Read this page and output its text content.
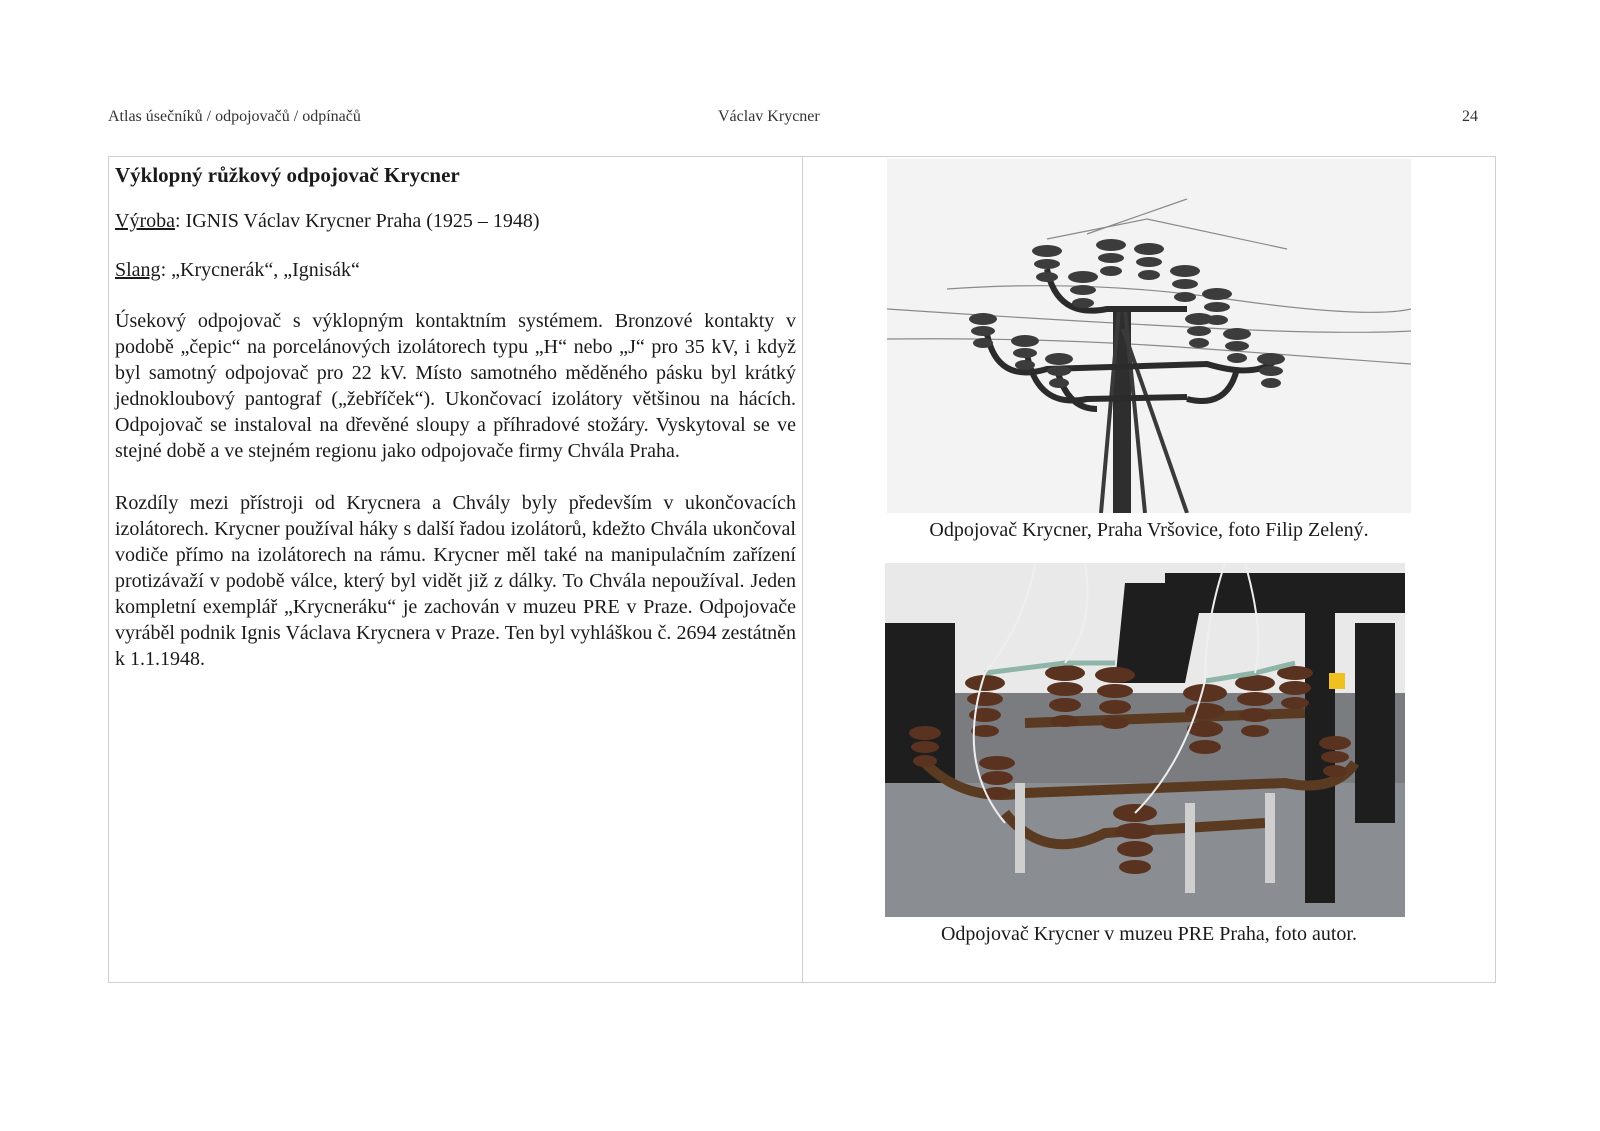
Atlas úsečníků / odpojovačů / odpínačů	Václav Krycner	24
Výklopný růžkový odpojovač Krycner
Výroba: IGNIS Václav Krycner Praha (1925 – 1948)
Slang: „Krycnerák“, „Ignisák“

Úsekový odpojovač s výklopným kontaktním systémem. Bronzové kontakty v podobě „čepic“ na porcelánových izolátorech typu „H“ nebo „J“ pro 35 kV, i když byl samotný odpojovač pro 22 kV. Místo samotného měděného pásku byl krátký jednokloubový pantograf („žebříček“). Ukončovací izolátory většinou na hácích. Odpojovač se instaloval na dřevěné sloupy a příhradové stožáry. Vyskytoval se ve stejné době a ve stejném regionu jako odpojovače firmy Chvála Praha.

Rozdíly mezi přístroji od Krycnera a Chvály byly především v ukončovacích izolátorech. Krycner používal háky s další řadou izolátorů, kdežto Chvála ukončoval vodiče přímo na izolátorech na rámu. Krycner měl také na manipulačním zařízení protizávaží v podobě válce, který byl vidět již z dálky. To Chvála nepoužíval. Jeden kompletní exemplář „Krycneráku“ je zachován v muzeu PRE v Praze. Odpojovače vyráběl podnik Ignis Václava Krycnera v Praze. Ten byl vyhláškou č. 2694 zestátněn k 1.1.1948.

Odpojovač Krycner, Praha Vršovice, foto Filip Zelený.
Odpojovač Krycner v muzeu PRE Praha, foto autor.
